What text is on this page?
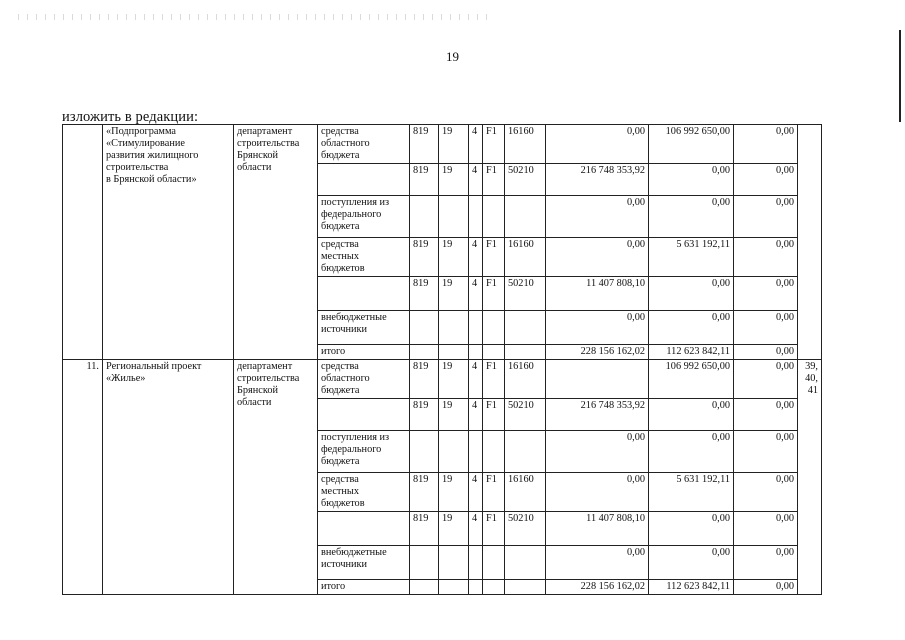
19
изложить в редакции:
	«Подпрограмма
«Стимулирование
развития жилищного
строительства
в Брянской области»	департамент
строительства
Брянской
области	средства
областного
бюджета	819	19	4	F1	16160	0,00	106 992 650,00	0,00	
				819	19	4	F1	50210	216 748 353,92	0,00	0,00	
			поступления из
федерального
бюджета						0,00	0,00	0,00	
			средства
местных
бюджетов	819	19	4	F1	16160	0,00	5 631 192,11	0,00	
				819	19	4	F1	50210	11 407 808,10	0,00	0,00	
			внебюджетные
источники						0,00	0,00	0,00	
			итого						228 156 162,02	112 623 842,11	0,00	
11.	Региональный проект
«Жилье»	департамент
строительства
Брянской
области	средства
областного
бюджета	819	19	4	F1	16160		106 992 650,00	0,00	39, 40,
41
				819	19	4	F1	50210	216 748 353,92	0,00	0,00	
			поступления из
федерального
бюджета						0,00	0,00	0,00	
			средства
местных
бюджетов	819	19	4	F1	16160	0,00	5 631 192,11	0,00	
				819	19	4	F1	50210	11 407 808,10	0,00	0,00	
			внебюджетные
источники						0,00	0,00	0,00	
			итого						228 156 162,02	112 623 842,11	0,00	
